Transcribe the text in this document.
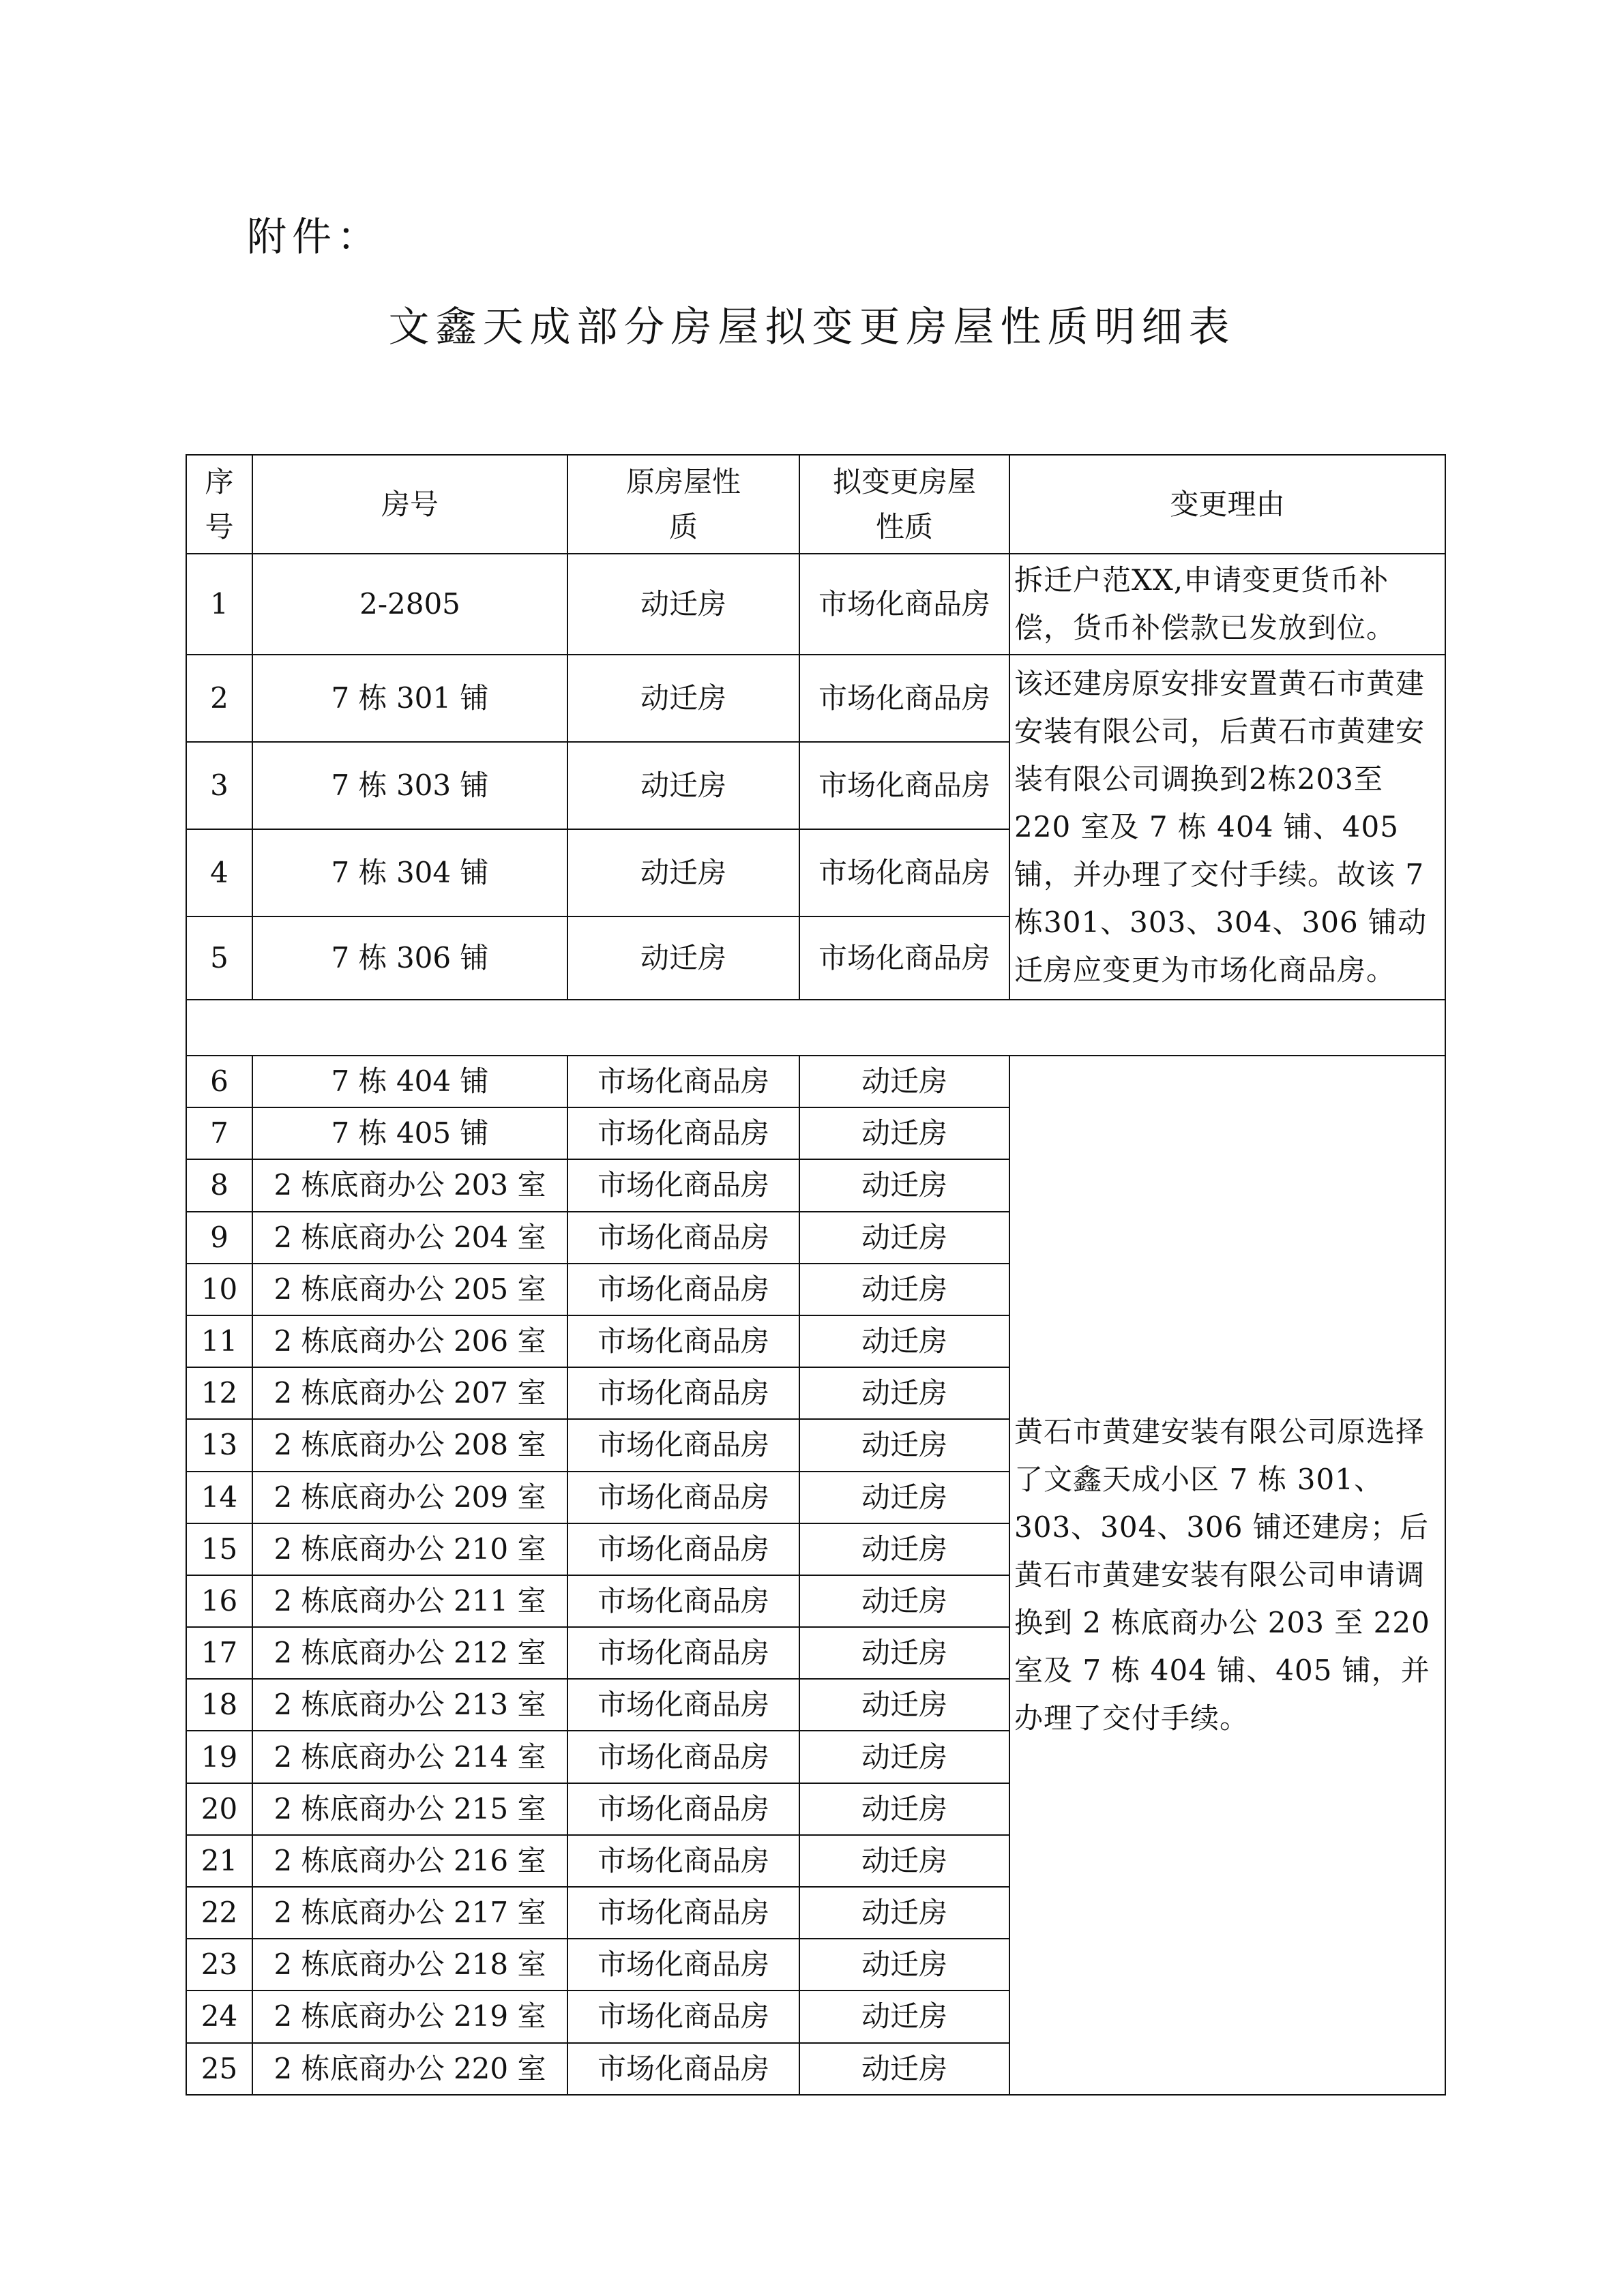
附件：
文鑫天成部分房屋拟变更房屋性质明细表
序号	房号	原房屋性质	拟变更房屋性质	变更理由
1	2-2805	动迁房	市场化商品房	拆迁户范XX,申请变更货币补偿，货币补偿款已发放到位。
2	7 栋 301 铺	动迁房	市场化商品房	该还建房原安排安置黄石市黄建安装有限公司，后黄石市黄建安装有限公司调换到2栋203至 220 室及 7 栋 404 铺、405 铺，并办理了交付手续。故该 7 栋301、303、304、306 铺动迁房应变更为市场化商品房。
3	7 栋 303 铺	动迁房	市场化商品房	
4	7 栋 304 铺	动迁房	市场化商品房	
5	7 栋 306 铺	动迁房	市场化商品房	

6	7 栋 404 铺	市场化商品房	动迁房	黄石市黄建安装有限公司原选择了文鑫天成小区 7 栋 301、303、304、306 铺还建房；后黄石市黄建安装有限公司申请调换到 2 栋底商办公 203 至 220室及 7 栋 404 铺、405 铺，并办理了交付手续。
7	7 栋 405 铺	市场化商品房	动迁房	
8	2 栋底商办公 203 室	市场化商品房	动迁房	
9	2 栋底商办公 204 室	市场化商品房	动迁房	
10	2 栋底商办公 205 室	市场化商品房	动迁房	
11	2 栋底商办公 206 室	市场化商品房	动迁房	
12	2 栋底商办公 207 室	市场化商品房	动迁房	
13	2 栋底商办公 208 室	市场化商品房	动迁房	
14	2 栋底商办公 209 室	市场化商品房	动迁房	
15	2 栋底商办公 210 室	市场化商品房	动迁房	
16	2 栋底商办公 211 室	市场化商品房	动迁房	
17	2 栋底商办公 212 室	市场化商品房	动迁房	
18	2 栋底商办公 213 室	市场化商品房	动迁房	
19	2 栋底商办公 214 室	市场化商品房	动迁房	
20	2 栋底商办公 215 室	市场化商品房	动迁房	
21	2 栋底商办公 216 室	市场化商品房	动迁房	
22	2 栋底商办公 217 室	市场化商品房	动迁房	
23	2 栋底商办公 218 室	市场化商品房	动迁房	
24	2 栋底商办公 219 室	市场化商品房	动迁房	
25	2 栋底商办公 220 室	市场化商品房	动迁房	
